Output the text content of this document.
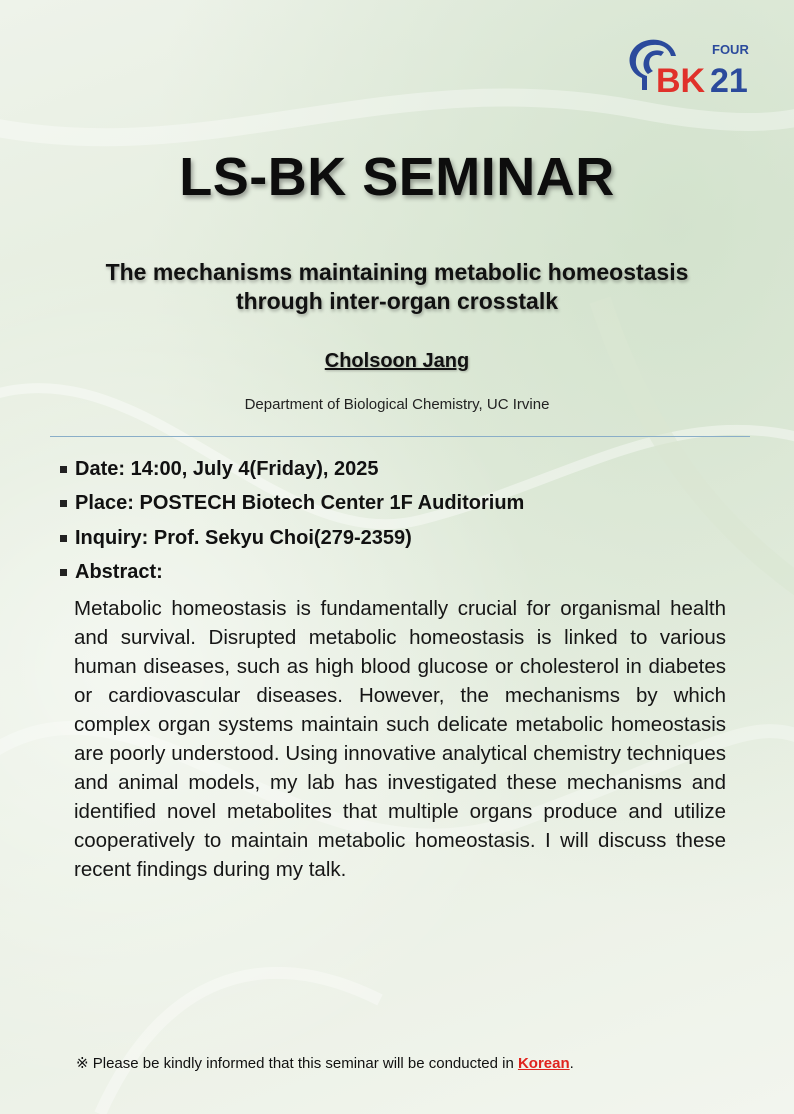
FOUR
BK 21
LS-BK SEMINAR
The mechanisms maintaining metabolic homeostasis
through inter-organ crosstalk
Cholsoon Jang
Department of Biological Chemistry, UC Irvine
Date: 14:00, July 4(Friday), 2025
Place: POSTECH Biotech Center 1F Auditorium
Inquiry: Prof. Sekyu Choi(279-2359)
Abstract:
Metabolic homeostasis is fundamentally crucial for organismal health and survival. Disrupted metabolic homeostasis is linked to various human diseases, such as high blood glucose or cholesterol in diabetes or cardiovascular diseases. However, the mechanisms by which complex organ systems maintain such delicate metabolic homeostasis are poorly understood. Using innovative analytical chemistry techniques and animal models, my lab has investigated these mechanisms and identified novel metabolites that multiple organs produce and utilize cooperatively to maintain metabolic homeostasis. I will discuss these recent findings during my talk.
※ Please be kindly informed that this seminar will be conducted in Korean.
